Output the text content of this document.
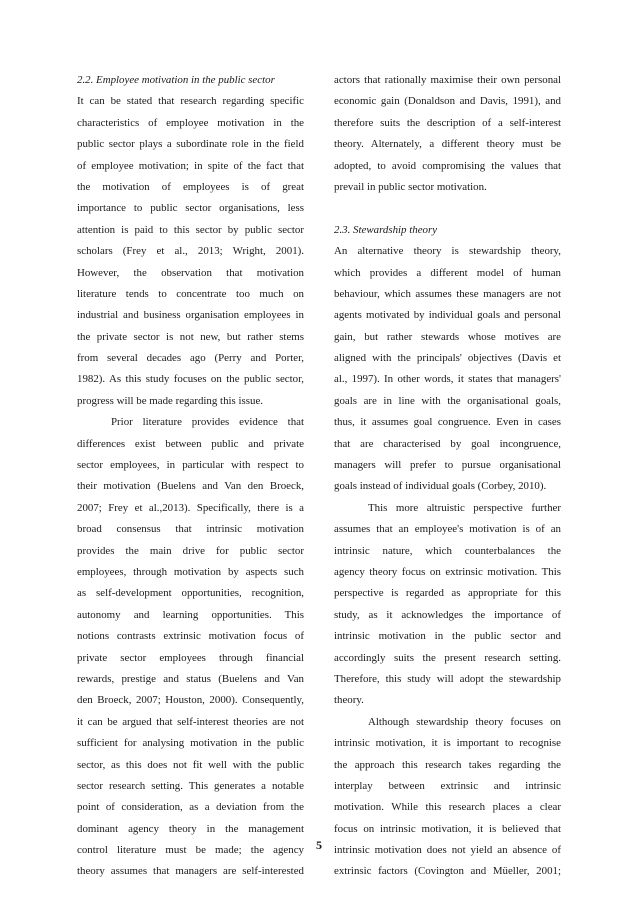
2.2. Employee motivation in the public sector
It can be stated that research regarding specific
characteristics of employee motivation in the
public sector plays a subordinate role in the field
of employee motivation; in spite of the fact that
the motivation of employees is of great
importance to public sector organisations, less
attention is paid to this sector by public sector
scholars (Frey et al., 2013; Wright, 2001).
However, the observation that motivation
literature tends to concentrate too much on
industrial and business organisation employees in
the private sector is not new, but rather stems
from several decades ago (Perry and Porter,
1982). As this study focuses on the public sector,
progress will be made regarding this issue.
Prior literature provides evidence that
differences exist between public and private
sector employees, in particular with respect to
their motivation (Buelens and Van den Broeck,
2007; Frey et al.,2013). Specifically, there is a
broad consensus that intrinsic motivation
provides the main drive for public sector
employees, through motivation by aspects such
as self-development opportunities, recognition,
autonomy and learning opportunities. This
notions contrasts extrinsic motivation focus of
private sector employees through financial
rewards, prestige and status (Buelens and Van
den Broeck, 2007; Houston, 2000). Consequently,
it can be argued that self-interest theories are not
sufficient for analysing motivation in the public
sector, as this does not fit well with the public
sector research setting. This generates a notable
point of consideration, as a deviation from the
dominant agency theory in the management
control literature must be made; the agency
theory assumes that managers are self-interested
actors that rationally maximise their own personal
economic gain (Donaldson and Davis, 1991), and
therefore suits the description of a self-interest
theory. Alternately, a different theory must be
adopted, to avoid compromising the values that
prevail in public sector motivation.
2.3. Stewardship theory
An alternative theory is stewardship theory,
which provides a different model of human
behaviour, which assumes these managers are not
agents motivated by individual goals and personal
gain, but rather stewards whose motives are
aligned with the principals' objectives (Davis et
al., 1997). In other words, it states that managers'
goals are in line with the organisational goals,
thus, it assumes goal congruence. Even in cases
that are characterised by goal incongruence,
managers will prefer to pursue organisational
goals instead of individual goals (Corbey, 2010).
This more altruistic perspective further
assumes that an employee's motivation is of an
intrinsic nature, which counterbalances the
agency theory focus on extrinsic motivation. This
perspective is regarded as appropriate for this
study, as it acknowledges the importance of
intrinsic motivation in the public sector and
accordingly suits the present research setting.
Therefore, this study will adopt the stewardship
theory.
Although stewardship theory focuses on
intrinsic motivation, it is important to recognise
the approach this research takes regarding the
interplay between extrinsic and intrinsic
motivation. While this research places a clear
focus on intrinsic motivation, it is believed that
intrinsic motivation does not yield an absence of
extrinsic factors (Covington and Müeller, 2001;
5
